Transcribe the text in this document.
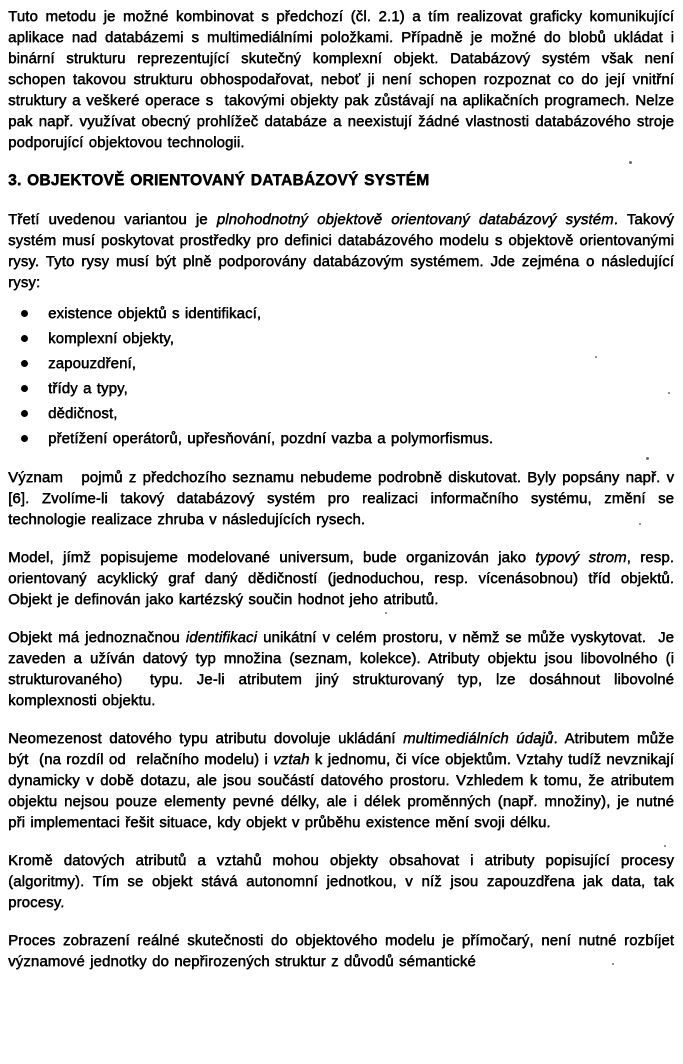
Tuto metodu je možné kombinovat s předchozí (čl. 2.1) a tím realizovat graficky komunikující aplikace nad databázemi s multimediálními položkami. Případně je možné do blobů ukládat i binární strukturu reprezentující skutečný komplexní objekt. Databázový systém však není schopen takovou strukturu obhospodařovat, neboť ji není schopen rozpoznat co do její vnitřní struktury a veškeré operace s  takovými objekty pak zůstávají na aplikačních programech. Nelze pak např. využívat obecný prohlížeč databáze a neexistují žádné vlastnosti databázového stroje podporující objektovou technologii.

3. OBJEKTOVĚ ORIENTOVANÝ DATABÁZOVÝ SYSTÉM

Třetí uvedenou variantou je plnohodnotný objektově orientovaný databázový systém. Takový systém musí poskytovat prostředky pro definici databázového modelu s objektově orientovanými rysy. Tyto rysy musí být plně podporovány databázovým systémem. Jde zejména o následující rysy:

existence objektů s identifikací,
komplexní objekty,
zapouzdření,
třídy a typy,
dědičnost,
přetížení operátorů, upřesňování, pozdní vazba a polymorfismus.

Význam   pojmů z předchozího seznamu nebudeme podrobně diskutovat. Byly popsány např. v [6]. Zvolíme-li takový databázový systém pro realizaci informačního systému, změní se technologie realizace zhruba v následujících rysech.

Model, jímž popisujeme modelované universum, bude organizován jako typový strom, resp. orientovaný acyklický graf daný dědičností (jednoduchou, resp. vícenásobnou) tříd objektů. Objekt je definován jako kartézský součin hodnot jeho atributů.

Objekt má jednoznačnou identifikaci unikátní v celém prostoru, v němž se může vyskytovat.  Je zaveden a užíván datový typ množina (seznam, kolekce). Atributy objektu jsou libovolného (i strukturovaného)  typu. Je-li atributem jiný strukturovaný typ, lze dosáhnout libovolné komplexnosti objektu.

Neomezenost datového typu atributu dovoluje ukládání multimediálních údajů. Atributem může být  (na rozdíl od  relačního modelu) i vztah k jednomu, či více objektům. Vztahy tudíž nevznikají dynamicky v době dotazu, ale jsou součástí datového prostoru. Vzhledem k tomu, že atributem objektu nejsou pouze elementy pevné délky, ale i délek proměnných (např. množiny), je nutné při implementaci řešit situace, kdy objekt v průběhu existence mění svoji délku.

Kromě datových atributů a vztahů mohou objekty obsahovat i atributy popisující procesy (algoritmy). Tím se objekt stává autonomní jednotkou, v níž jsou zapouzdřena jak data, tak procesy.

Proces zobrazení reálné skutečnosti do objektového modelu je přímočarý, není nutné rozbíjet významové jednotky do nepřirozených struktur z důvodů sémantické
